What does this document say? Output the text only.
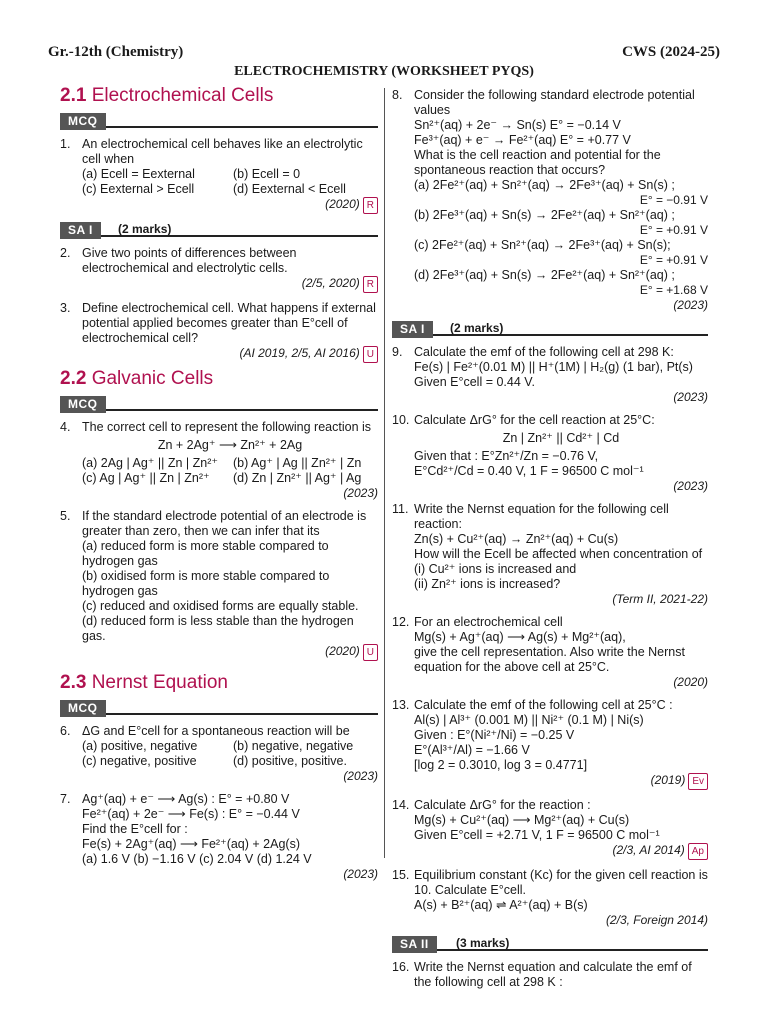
Gr.-12th (Chemistry)	CWS (2024-25)
ELECTROCHEMISTRY (WORKSHEET PYQS)
2.1 Electrochemical Cells
MCQ
1. An electrochemical cell behaves like an electrolytic cell when
(a) Ecell = Eexternal	(b) Ecell = 0
(c) Eexternal > Ecell	(d) Eexternal < Ecell
(2020) R
SA I	(2 marks)
2. Give two points of differences between electrochemical and electrolytic cells.
(2/5, 2020) R
3. Define electrochemical cell. What happens if external potential applied becomes greater than E°cell of electrochemical cell?
(AI 2019, 2/5, AI 2016) U
2.2 Galvanic Cells
MCQ
4. The correct cell to represent the following reaction is
Zn + 2Ag⁺ ⟶ Zn²⁺ + 2Ag
(a) 2Ag | Ag⁺ || Zn | Zn²⁺	(b) Ag⁺ | Ag || Zn²⁺ | Zn
(c) Ag | Ag⁺ || Zn | Zn²⁺	(d) Zn | Zn²⁺ || Ag⁺ | Ag
(2023)
5. If the standard electrode potential of an electrode is greater than zero, then we can infer that its
(a) reduced form is more stable compared to hydrogen gas
(b) oxidised form is more stable compared to hydrogen gas
(c) reduced and oxidised forms are equally stable.
(d) reduced form is less stable than the hydrogen gas.
(2020) U
2.3 Nernst Equation
MCQ
6. ΔG and E°cell for a spontaneous reaction will be
(a) positive, negative	(b) negative, negative
(c) negative, positive	(d) positive, positive.
(2023)
7. Ag⁺(aq) + e⁻ ⟶ Ag(s) : E° = +0.80 V
Fe²⁺(aq) + 2e⁻ ⟶ Fe(s) : E° = −0.44 V
Find the E°cell for :
Fe(s) + 2Ag⁺(aq) ⟶ Fe²⁺(aq) + 2Ag(s)
(a) 1.6 V (b) −1.16 V (c) 2.04 V (d) 1.24 V
(2023)
8. Consider the following standard electrode potential values
Sn²⁺(aq) + 2e⁻ → Sn(s) E° = −0.14 V
Fe³⁺(aq) + e⁻ → Fe²⁺(aq) E° = +0.77 V
What is the cell reaction and potential for the spontaneous reaction that occurs?
(a) 2Fe²⁺(aq) + Sn²⁺(aq) → 2Fe³⁺(aq) + Sn(s) ;
E° = −0.91 V
(b) 2Fe³⁺(aq) + Sn(s) → 2Fe²⁺(aq) + Sn²⁺(aq) ;
E° = +0.91 V
(c) 2Fe²⁺(aq) + Sn²⁺(aq) → 2Fe³⁺(aq) + Sn(s);
E° = +0.91 V
(d) 2Fe³⁺(aq) + Sn(s) → 2Fe²⁺(aq) + Sn²⁺(aq) ;
E° = +1.68 V
(2023)
SA I	(2 marks)
9. Calculate the emf of the following cell at 298 K:
Fe(s) | Fe²⁺(0.01 M) || H⁺(1M) | H₂(g) (1 bar), Pt(s)
Given E°cell = 0.44 V.
(2023)
10. Calculate ΔrG° for the cell reaction at 25°C:
Zn | Zn²⁺ || Cd²⁺ | Cd
Given that : E°Zn²⁺/Zn = −0.76 V,
E°Cd²⁺/Cd = 0.40 V, 1 F = 96500 C mol⁻¹
(2023)
11. Write the Nernst equation for the following cell reaction:
Zn(s) + Cu²⁺(aq) → Zn²⁺(aq) + Cu(s)
How will the Ecell be affected when concentration of
(i) Cu²⁺ ions is increased and
(ii) Zn²⁺ ions is increased?
(Term II, 2021-22)
12. For an electrochemical cell
Mg(s) + Ag⁺(aq) ⟶ Ag(s) + Mg²⁺(aq),
give the cell representation. Also write the Nernst equation for the above cell at 25°C.
(2020)
13. Calculate the emf of the following cell at 25°C :
Al(s) | Al³⁺ (0.001 M) || Ni²⁺ (0.1 M) | Ni(s)
Given : E°(Ni²⁺/Ni) = −0.25 V
E°(Al³⁺/Al) = −1.66 V
[log 2 = 0.3010, log 3 = 0.4771]
(2019) Ev
14. Calculate ΔrG° for the reaction :
Mg(s) + Cu²⁺(aq) ⟶ Mg²⁺(aq) + Cu(s)
Given E°cell = +2.71 V, 1 F = 96500 C mol⁻¹
(2/3, AI 2014) Ap
15. Equilibrium constant (Kc) for the given cell reaction is 10. Calculate E°cell.
A(s) + B²⁺(aq) ⇌ A²⁺(aq) + B(s)
(2/3, Foreign 2014)
SA II	(3 marks)
16. Write the Nernst equation and calculate the emf of the following cell at 298 K :
